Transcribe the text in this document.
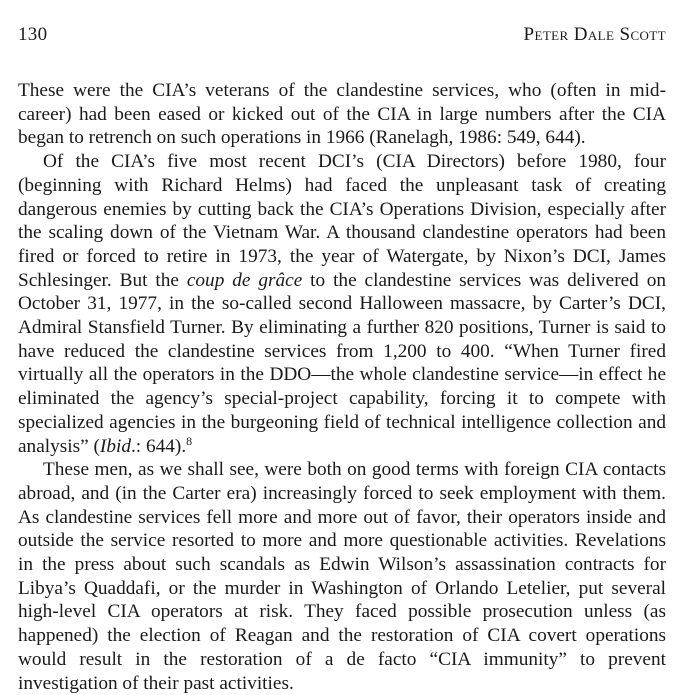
130	Peter Dale Scott

These were the CIA’s veterans of the clandestine services, who (often in mid-career) had been eased or kicked out of the CIA in large numbers after the CIA began to retrench on such operations in 1966 (Ranelagh, 1986: 549, 644).

Of the CIA’s five most recent DCI’s (CIA Directors) before 1980, four (beginning with Richard Helms) had faced the unpleasant task of creating dangerous enemies by cutting back the CIA’s Operations Division, especially after the scaling down of the Vietnam War. A thousand clandestine operators had been fired or forced to retire in 1973, the year of Watergate, by Nixon’s DCI, James Schlesinger. But the coup de grâce to the clandestine services was delivered on October 31, 1977, in the so-called second Halloween massacre, by Carter’s DCI, Admiral Stansfield Turner. By eliminating a further 820 positions, Turner is said to have reduced the clandestine services from 1,200 to 400. “When Turner fired virtually all the operators in the DDO—the whole clandestine service—in effect he eliminated the agency’s special-project capability, forcing it to compete with specialized agencies in the burgeoning field of technical intelligence collection and analysis” (Ibid.: 644).$^8$

These men, as we shall see, were both on good terms with foreign CIA contacts abroad, and (in the Carter era) increasingly forced to seek employment with them. As clandestine services fell more and more out of favor, their operators inside and outside the service resorted to more and more questionable activities. Revelations in the press about such scandals as Edwin Wilson’s assassination contracts for Libya’s Quaddafi, or the murder in Washington of Orlando Letelier, put several high-level CIA operators at risk. They faced possible prosecution unless (as happened) the election of Reagan and the restoration of CIA covert operations would result in the restoration of a de facto “CIA immunity” to prevent investigation of their past activities.
